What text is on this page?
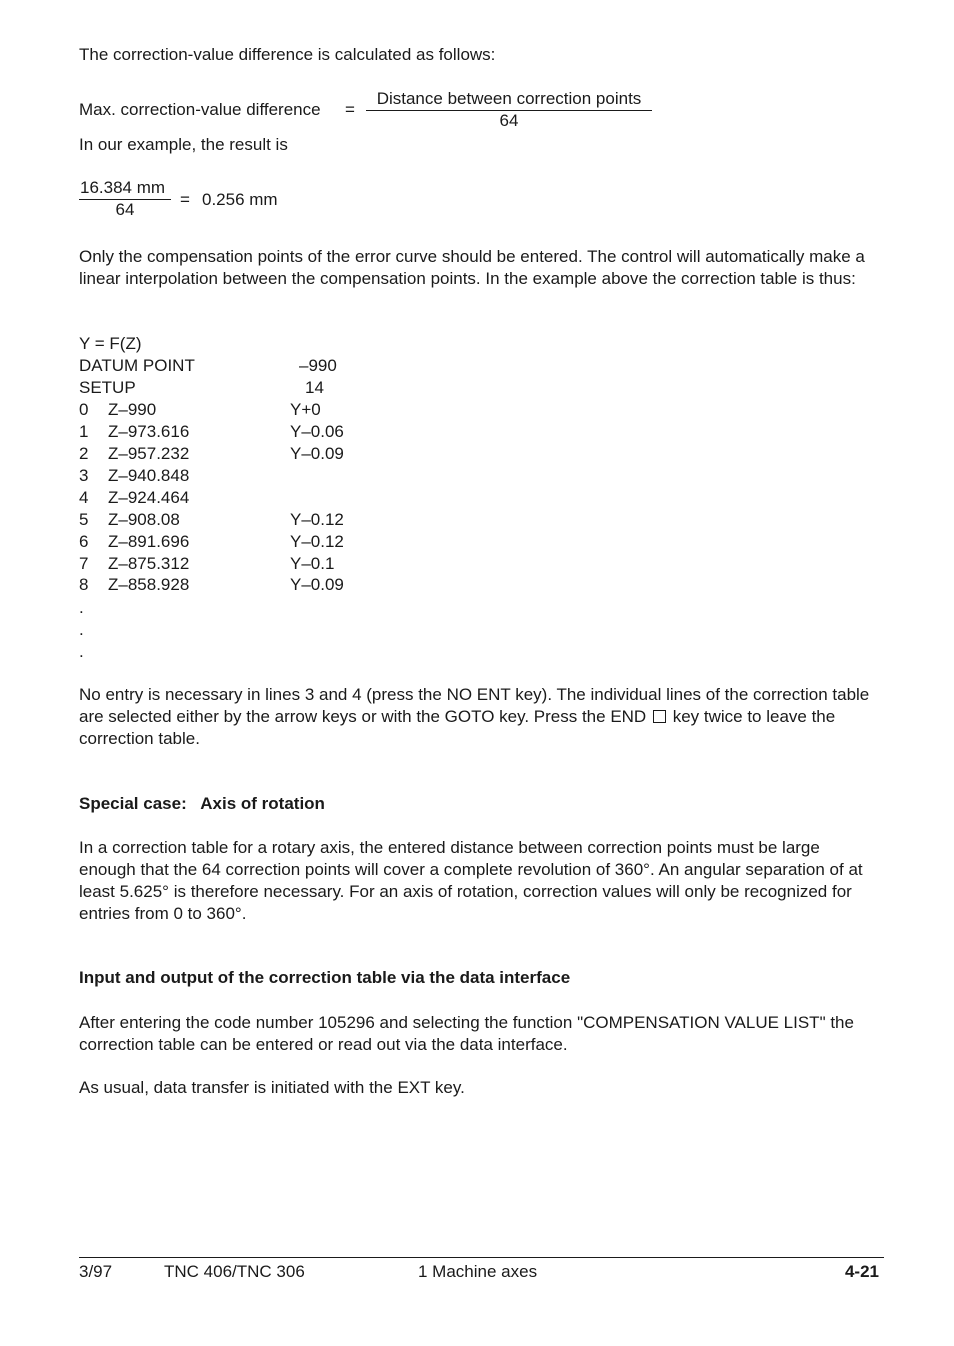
The correction-value difference is calculated as follows:
Max. correction-value difference =
Distance between correction points
64
In our example, the result is
$\frac{16.384 mm}{64} = 0.256$ mm
Only the compensation points of the error curve should be entered. The control will automatically make a linear interpolation between the compensation points. In the example above the correction table is thus:
Y = F(Z)
DATUM POINT	–990
SETUP	14
0 Z–990	Y+0
1 Z–973.616	Y–0.06
2 Z–957.232	Y–0.09
3 Z–940.848
4 Z–924.464
5 Z–908.08	Y–0.12
6 Z–891.696	Y–0.12
7 Z–875.312	Y–0.1
8 Z–858.928	Y–0.09
.
.
.
No entry is necessary in lines 3 and 4 (press the NO ENT key). The individual lines of the correction table are selected either by the arrow keys or with the GOTO key. Press the END key twice to leave the correction table.
Special case:   Axis of rotation
In a correction table for a rotary axis, the entered distance between correction points must be large enough that the 64 correction points will cover a complete revolution of 360°. An angular separation of at least 5.625° is therefore necessary. For an axis of rotation, correction values will only be recognized for entries from 0 to 360°.
Input and output of the correction table via the data interface
After entering the code number 105296 and selecting the function "COMPENSATION VALUE LIST" the correction table can be entered or read out via the data interface.
As usual, data transfer is initiated with the EXT key.
3/97	TNC 406/TNC 306	1 Machine axes	4-21
